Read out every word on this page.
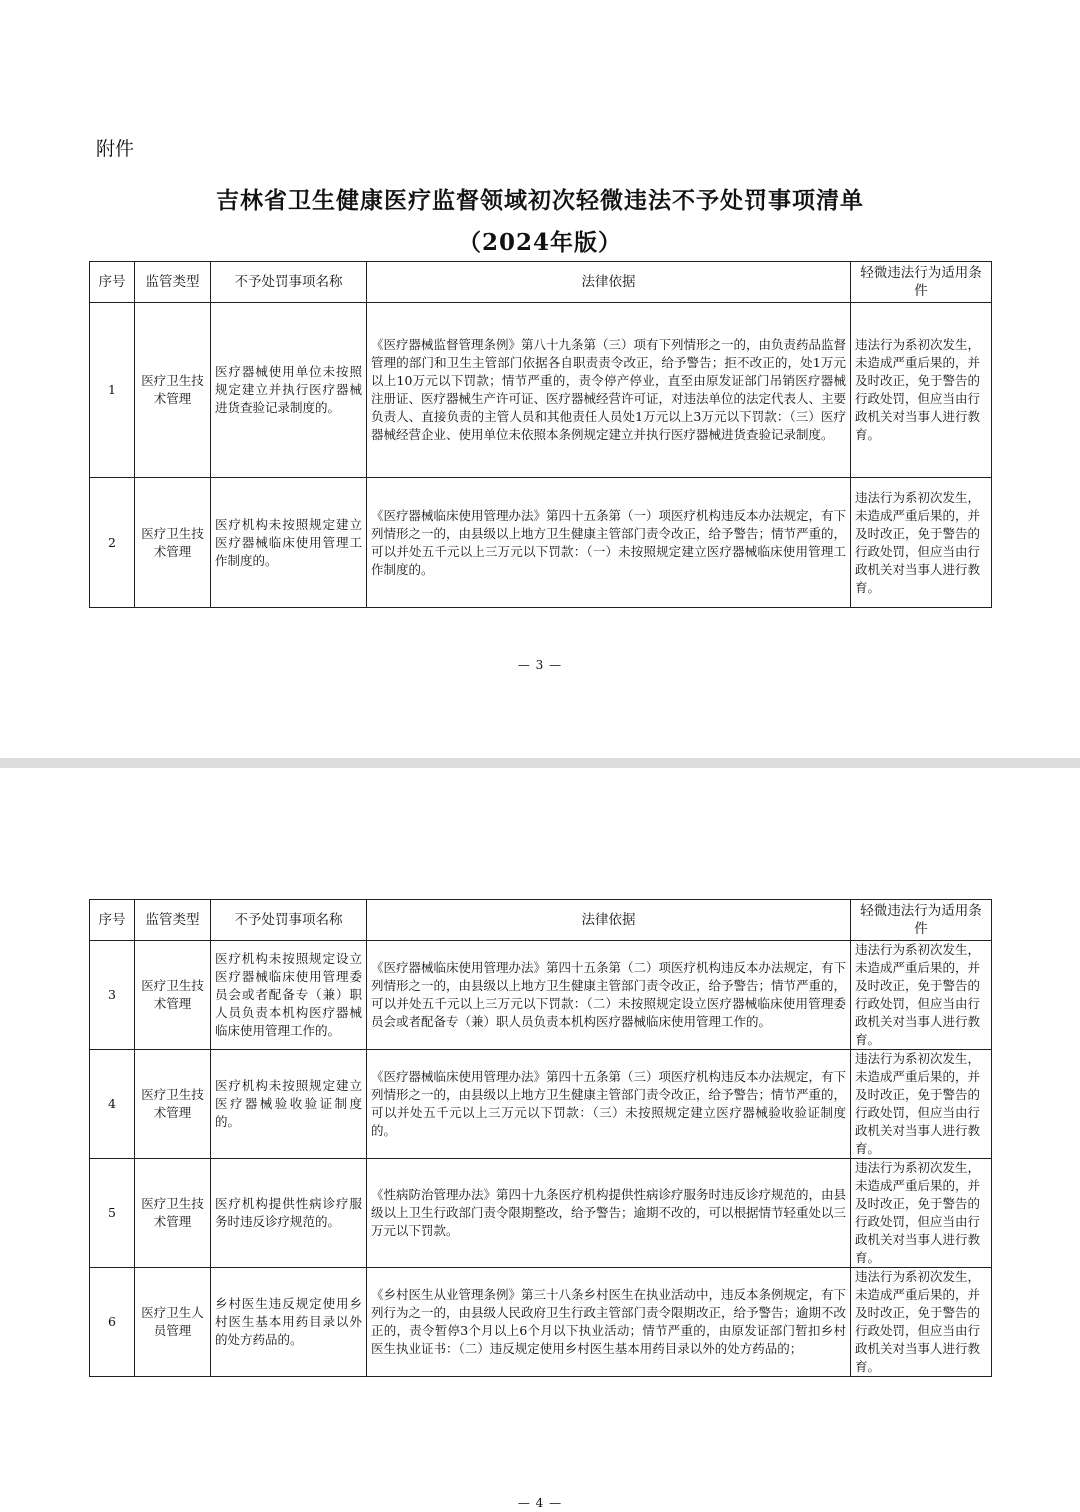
附件
吉林省卫生健康医疗监督领域初次轻微违法不予处罚事项清单
（2024年版）
序号	监管类型	不予处罚事项名称	法律依据	轻微违法行为适用条件
1	医疗卫生技术管理	医疗器械使用单位未按照规定建立并执行医疗器械进货查验记录制度的。	《医疗器械监督管理条例》第八十九条第（三）项有下列情形之一的，由负责药品监督管理的部门和卫生主管部门依据各自职责责令改正，给予警告；拒不改正的，处1万元以上10万元以下罚款；情节严重的，责令停产停业，直至由原发证部门吊销医疗器械注册证、医疗器械生产许可证、医疗器械经营许可证，对违法单位的法定代表人、主要负责人、直接负责的主管人员和其他责任人员处1万元以上3万元以下罚款：（三）医疗器械经营企业、使用单位未依照本条例规定建立并执行医疗器械进货查验记录制度。	违法行为系初次发生，未造成严重后果的，并及时改正，免于警告的行政处罚，但应当由行政机关对当事人进行教育。
2	医疗卫生技术管理	医疗机构未按照规定建立医疗器械临床使用管理工作制度的。	《医疗器械临床使用管理办法》第四十五条第（一）项医疗机构违反本办法规定，有下列情形之一的，由县级以上地方卫生健康主管部门责令改正，给予警告；情节严重的，可以并处五千元以上三万元以下罚款：（一）未按照规定建立医疗器械临床使用管理工作制度的。	违法行为系初次发生，未造成严重后果的，并及时改正，免于警告的行政处罚，但应当由行政机关对当事人进行教育。
— 3 —
序号	监管类型	不予处罚事项名称	法律依据	轻微违法行为适用条件
3	医疗卫生技术管理	医疗机构未按照规定设立医疗器械临床使用管理委员会或者配备专（兼）职人员负责本机构医疗器械临床使用管理工作的。	《医疗器械临床使用管理办法》第四十五条第（二）项医疗机构违反本办法规定，有下列情形之一的，由县级以上地方卫生健康主管部门责令改正，给予警告；情节严重的，可以并处五千元以上三万元以下罚款：（二）未按照规定设立医疗器械临床使用管理委员会或者配备专（兼）职人员负责本机构医疗器械临床使用管理工作的。	违法行为系初次发生，未造成严重后果的，并及时改正，免于警告的行政处罚，但应当由行政机关对当事人进行教育。
4	医疗卫生技术管理	医疗机构未按照规定建立医疗器械验收验证制度的。	《医疗器械临床使用管理办法》第四十五条第（三）项医疗机构违反本办法规定，有下列情形之一的，由县级以上地方卫生健康主管部门责令改正，给予警告；情节严重的，可以并处五千元以上三万元以下罚款：（三）未按照规定建立医疗器械验收验证制度的。	违法行为系初次发生，未造成严重后果的，并及时改正，免于警告的行政处罚，但应当由行政机关对当事人进行教育。
5	医疗卫生技术管理	医疗机构提供性病诊疗服务时违反诊疗规范的。	《性病防治管理办法》第四十九条医疗机构提供性病诊疗服务时违反诊疗规范的，由县级以上卫生行政部门责令限期整改，给予警告；逾期不改的，可以根据情节轻重处以三万元以下罚款。	违法行为系初次发生，未造成严重后果的，并及时改正，免于警告的行政处罚，但应当由行政机关对当事人进行教育。
6	医疗卫生人员管理	乡村医生违反规定使用乡村医生基本用药目录以外的处方药品的。	《乡村医生从业管理条例》第三十八条乡村医生在执业活动中，违反本条例规定，有下列行为之一的，由县级人民政府卫生行政主管部门责令限期改正，给予警告；逾期不改正的，责令暂停3个月以上6个月以下执业活动；情节严重的，由原发证部门暂扣乡村医生执业证书：（二）违反规定使用乡村医生基本用药目录以外的处方药品的；	违法行为系初次发生，未造成严重后果的，并及时改正，免于警告的行政处罚，但应当由行政机关对当事人进行教育。
— 4 —
